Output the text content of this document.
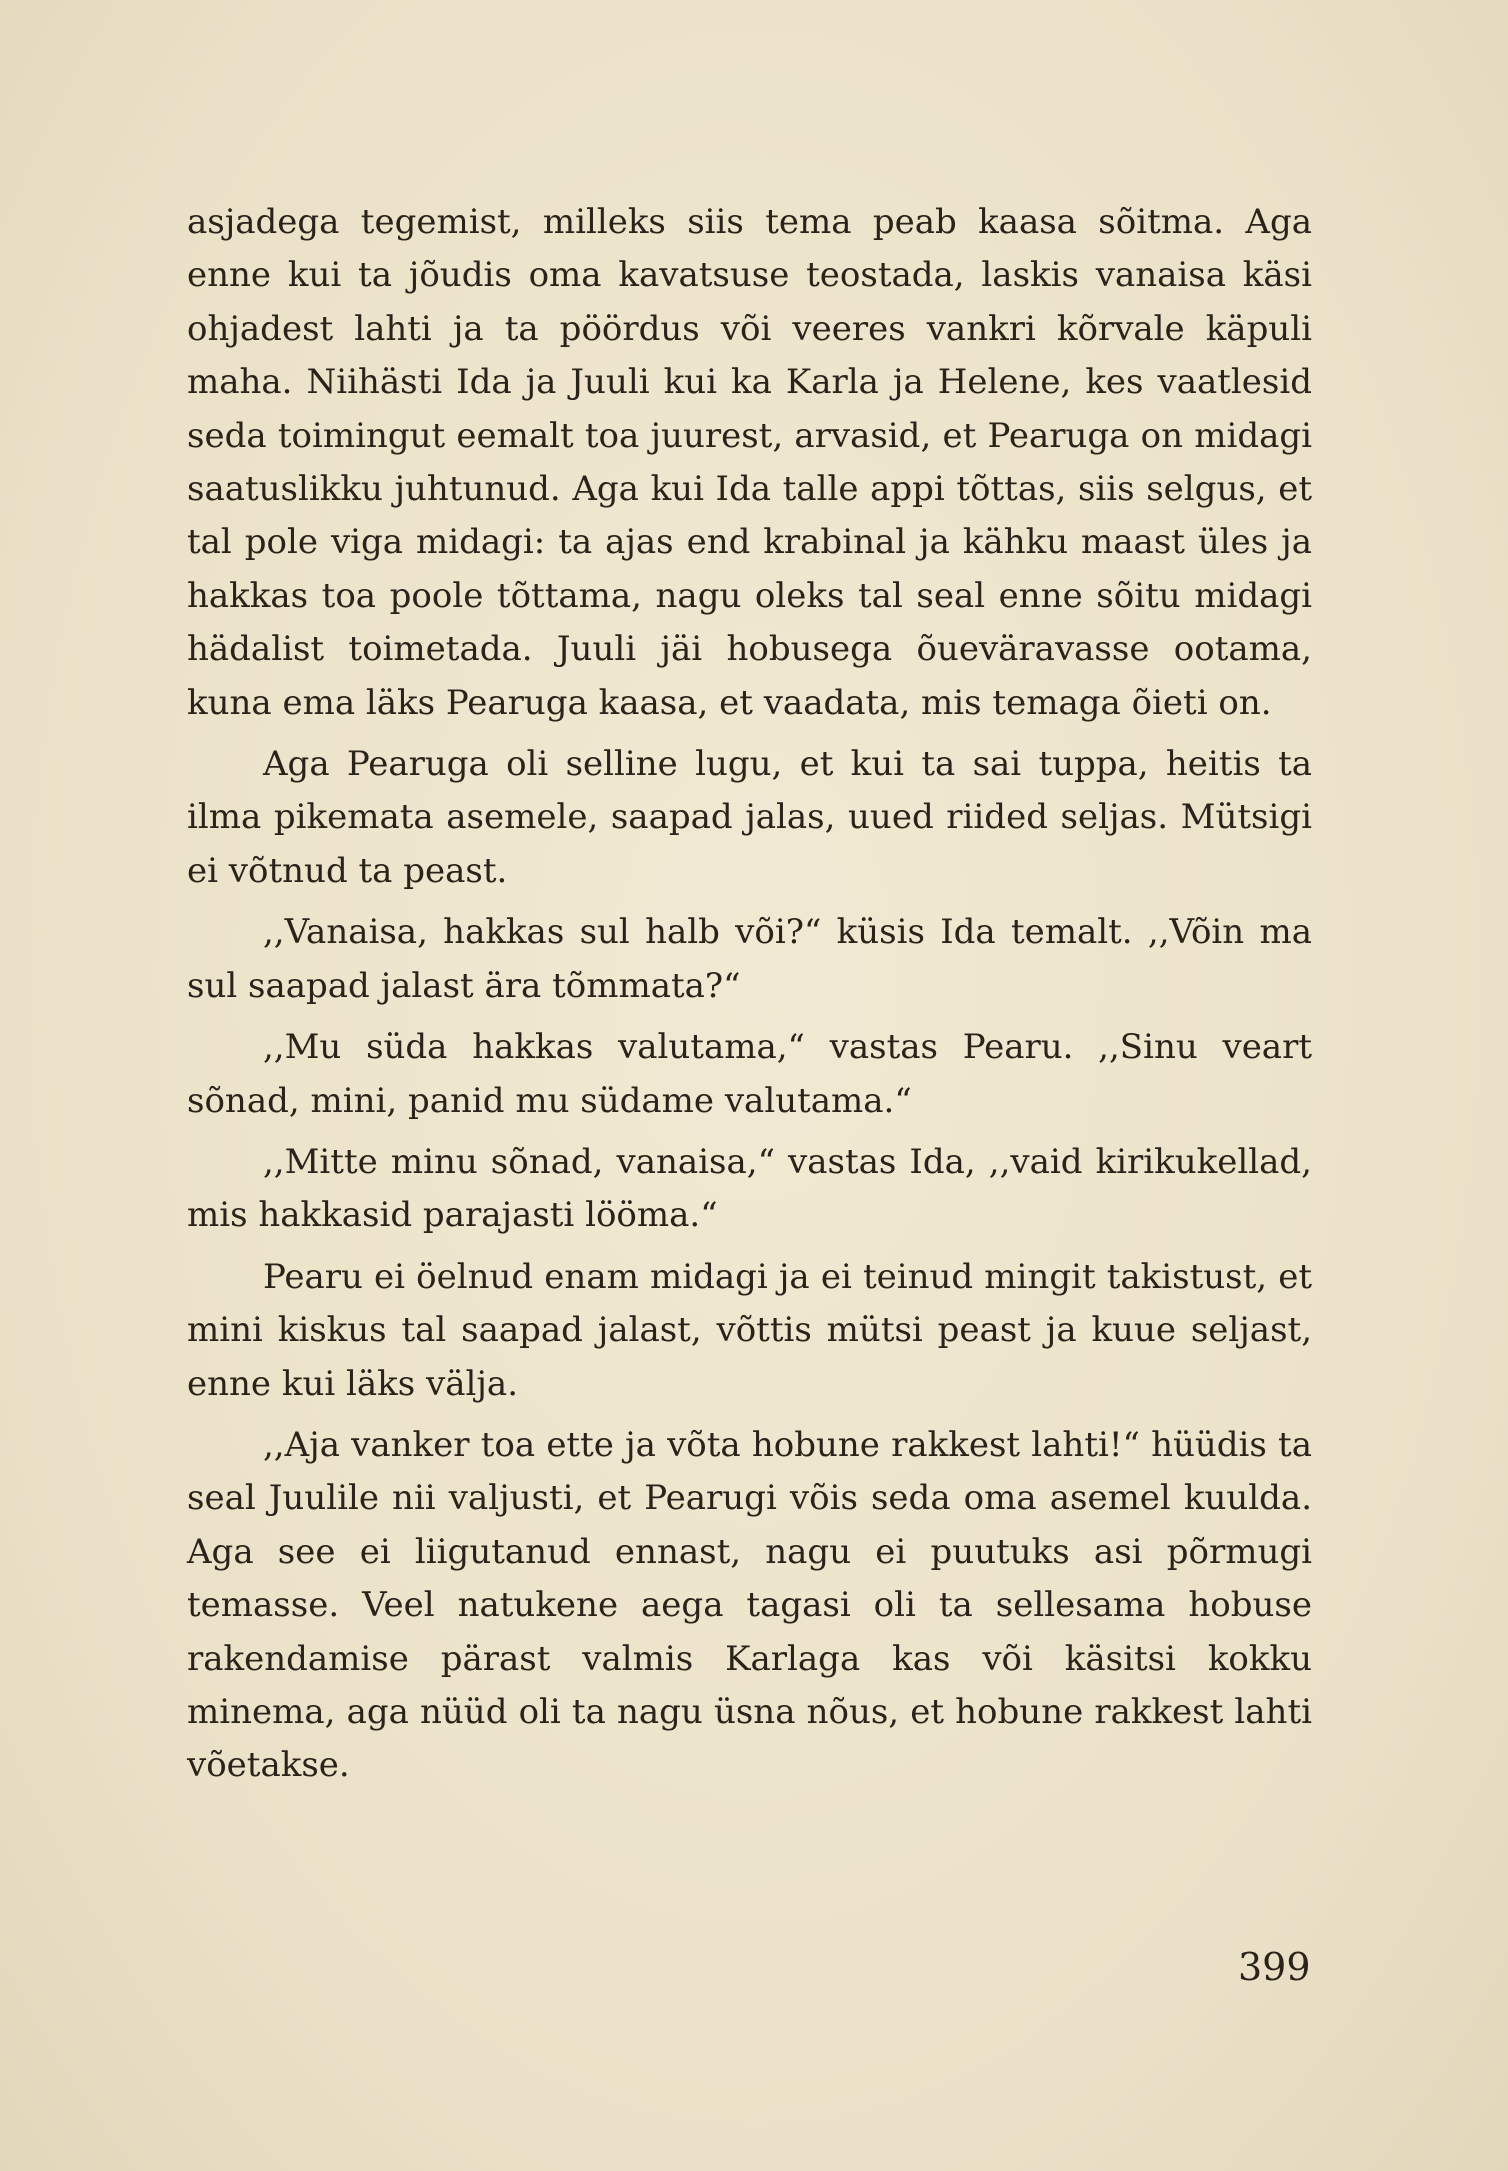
asjadega tegemist, milleks siis tema peab kaasa sõitma. Aga enne kui ta jõudis oma kavatsuse teostada, laskis vanaisa käsi ohjadest lahti ja ta pöördus või veeres vankri kõrvale käpuli maha. Niihästi Ida ja Juuli kui ka Karla ja Helene, kes vaatlesid seda toimingut eemalt toa juurest, arvasid, et Pearuga on midagi saatuslikku juhtunud. Aga kui Ida talle appi tõttas, siis selgus, et tal pole viga midagi: ta ajas end krabinal ja kähku maast üles ja hakkas toa poole tõttama, nagu oleks tal seal enne sõitu midagi hädalist toimetada. Juuli jäi hobusega õueväravasse ootama, kuna ema läks Pearuga kaasa, et vaadata, mis temaga õieti on.

Aga Pearuga oli selline lugu, et kui ta sai tuppa, heitis ta ilma pikemata asemele, saapad jalas, uued riided seljas. Mütsigi ei võtnud ta peast.

,,Vanaisa, hakkas sul halb või?“ küsis Ida temalt. ,,Võin ma sul saapad jalast ära tõmmata?“

,,Mu süda hakkas valutama,“ vastas Pearu. ,,Sinu veart sõnad, mini, panid mu südame valutama.“

,,Mitte minu sõnad, vanaisa,“ vastas Ida, ,,vaid kirikukellad, mis hakkasid parajasti lööma.“

Pearu ei öelnud enam midagi ja ei teinud mingit takistust, et mini kiskus tal saapad jalast, võttis mütsi peast ja kuue seljast, enne kui läks välja.

,,Aja vanker toa ette ja võta hobune rakkest lahti!“ hüüdis ta seal Juulile nii valjusti, et Pearugi võis seda oma asemel kuulda. Aga see ei liigutanud ennast, nagu ei puutuks asi põrmugi temasse. Veel natukene aega tagasi oli ta sellesama hobuse rakendamise pärast valmis Karlaga kas või käsitsi kokku minema, aga nüüd oli ta nagu üsna nõus, et hobune rakkest lahti võetakse.

399
